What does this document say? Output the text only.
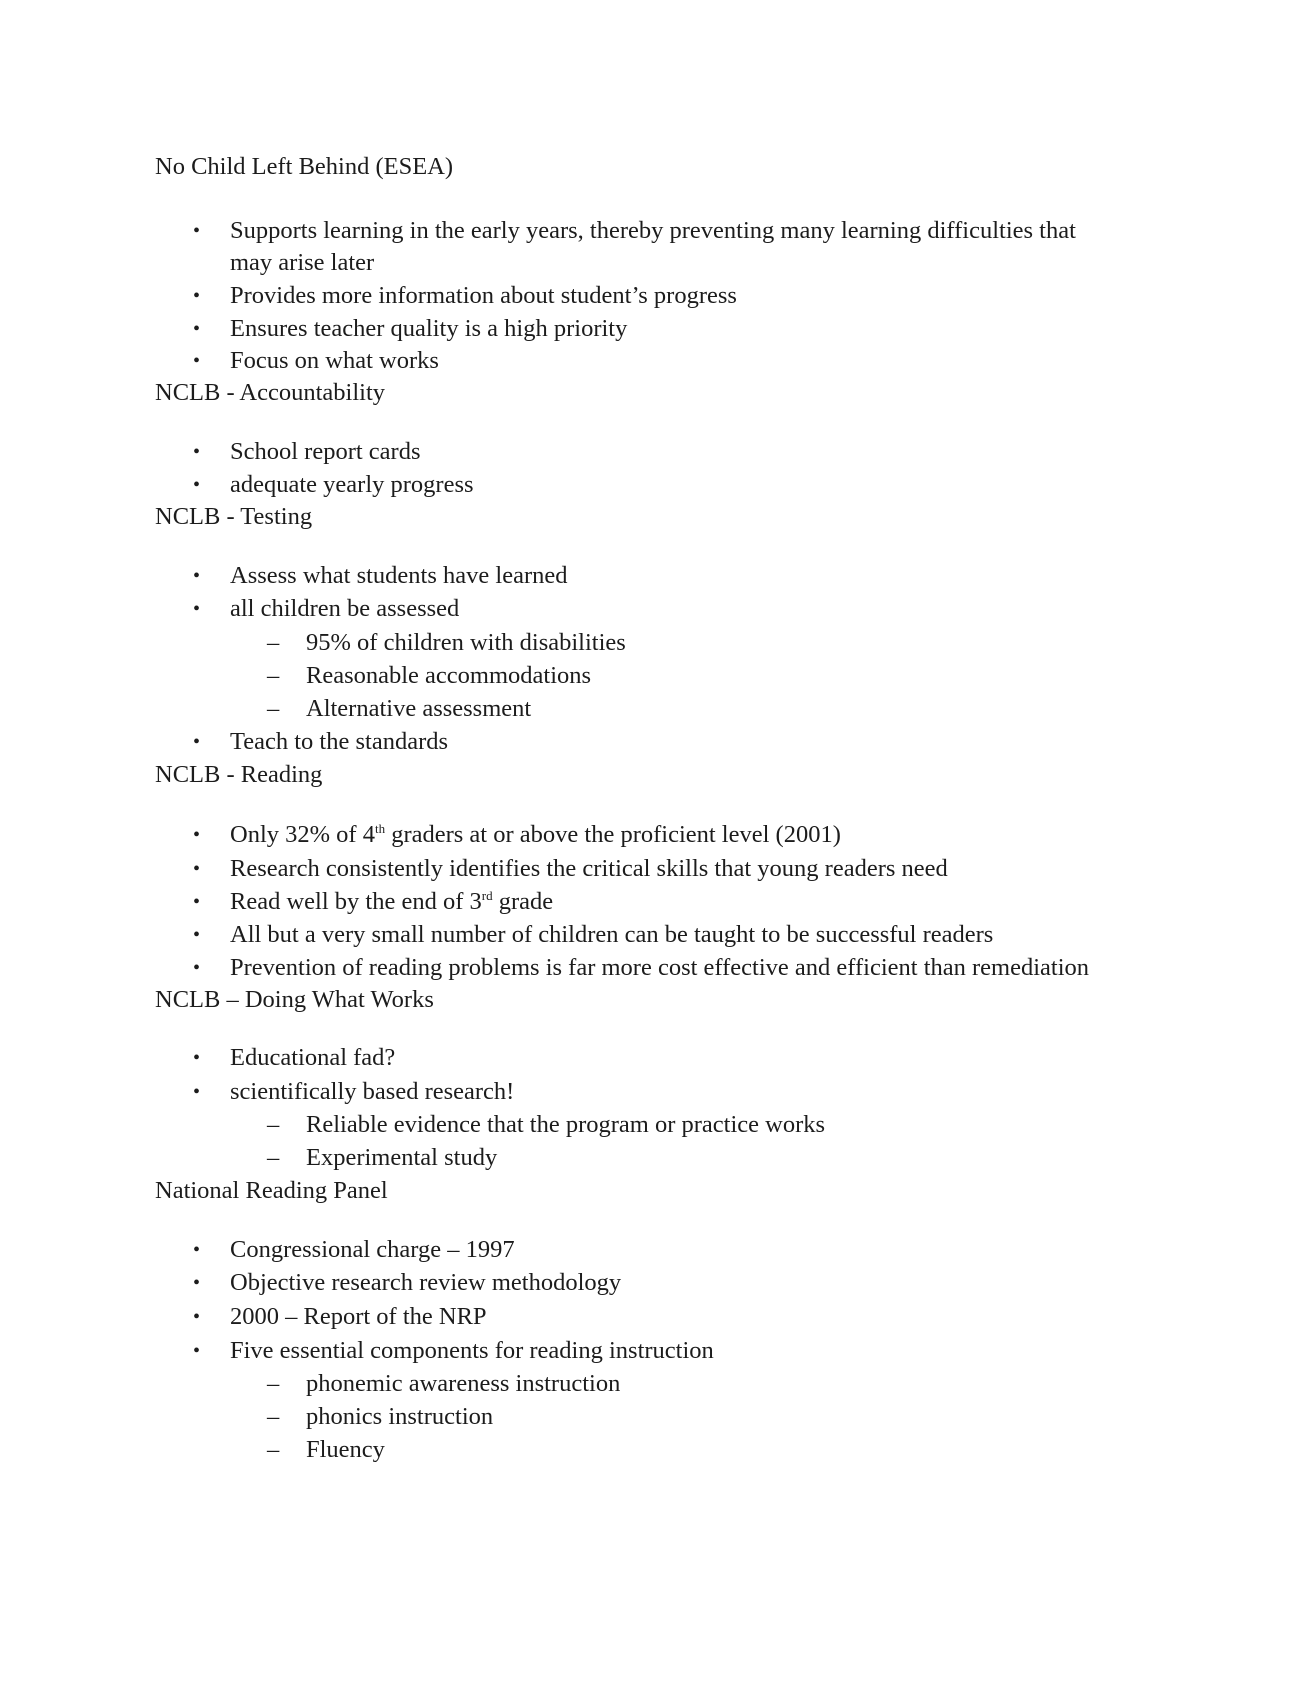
No Child Left Behind (ESEA)
• Supports learning in the early years, thereby preventing many learning difficulties that
may arise later
• Provides more information about student’s progress
• Ensures teacher quality is a high priority
• Focus on what works
NCLB - Accountability
• School report cards
• adequate yearly progress
NCLB - Testing
• Assess what students have learned
• all children be assessed
– 95% of children with disabilities
– Reasonable accommodations
– Alternative assessment
• Teach to the standards
NCLB - Reading
• Only 32% of 4th graders at or above the proficient level (2001)
• Research consistently identifies the critical skills that young readers need
• Read well by the end of 3rd grade
• All but a very small number of children can be taught to be successful readers
• Prevention of reading problems is far more cost effective and efficient than remediation
NCLB – Doing What Works
• Educational fad?
• scientifically based research!
– Reliable evidence that the program or practice works
– Experimental study
National Reading Panel
• Congressional charge – 1997
• Objective research review methodology
• 2000 – Report of the NRP
• Five essential components for reading instruction
– phonemic awareness instruction
– phonics instruction
– Fluency
